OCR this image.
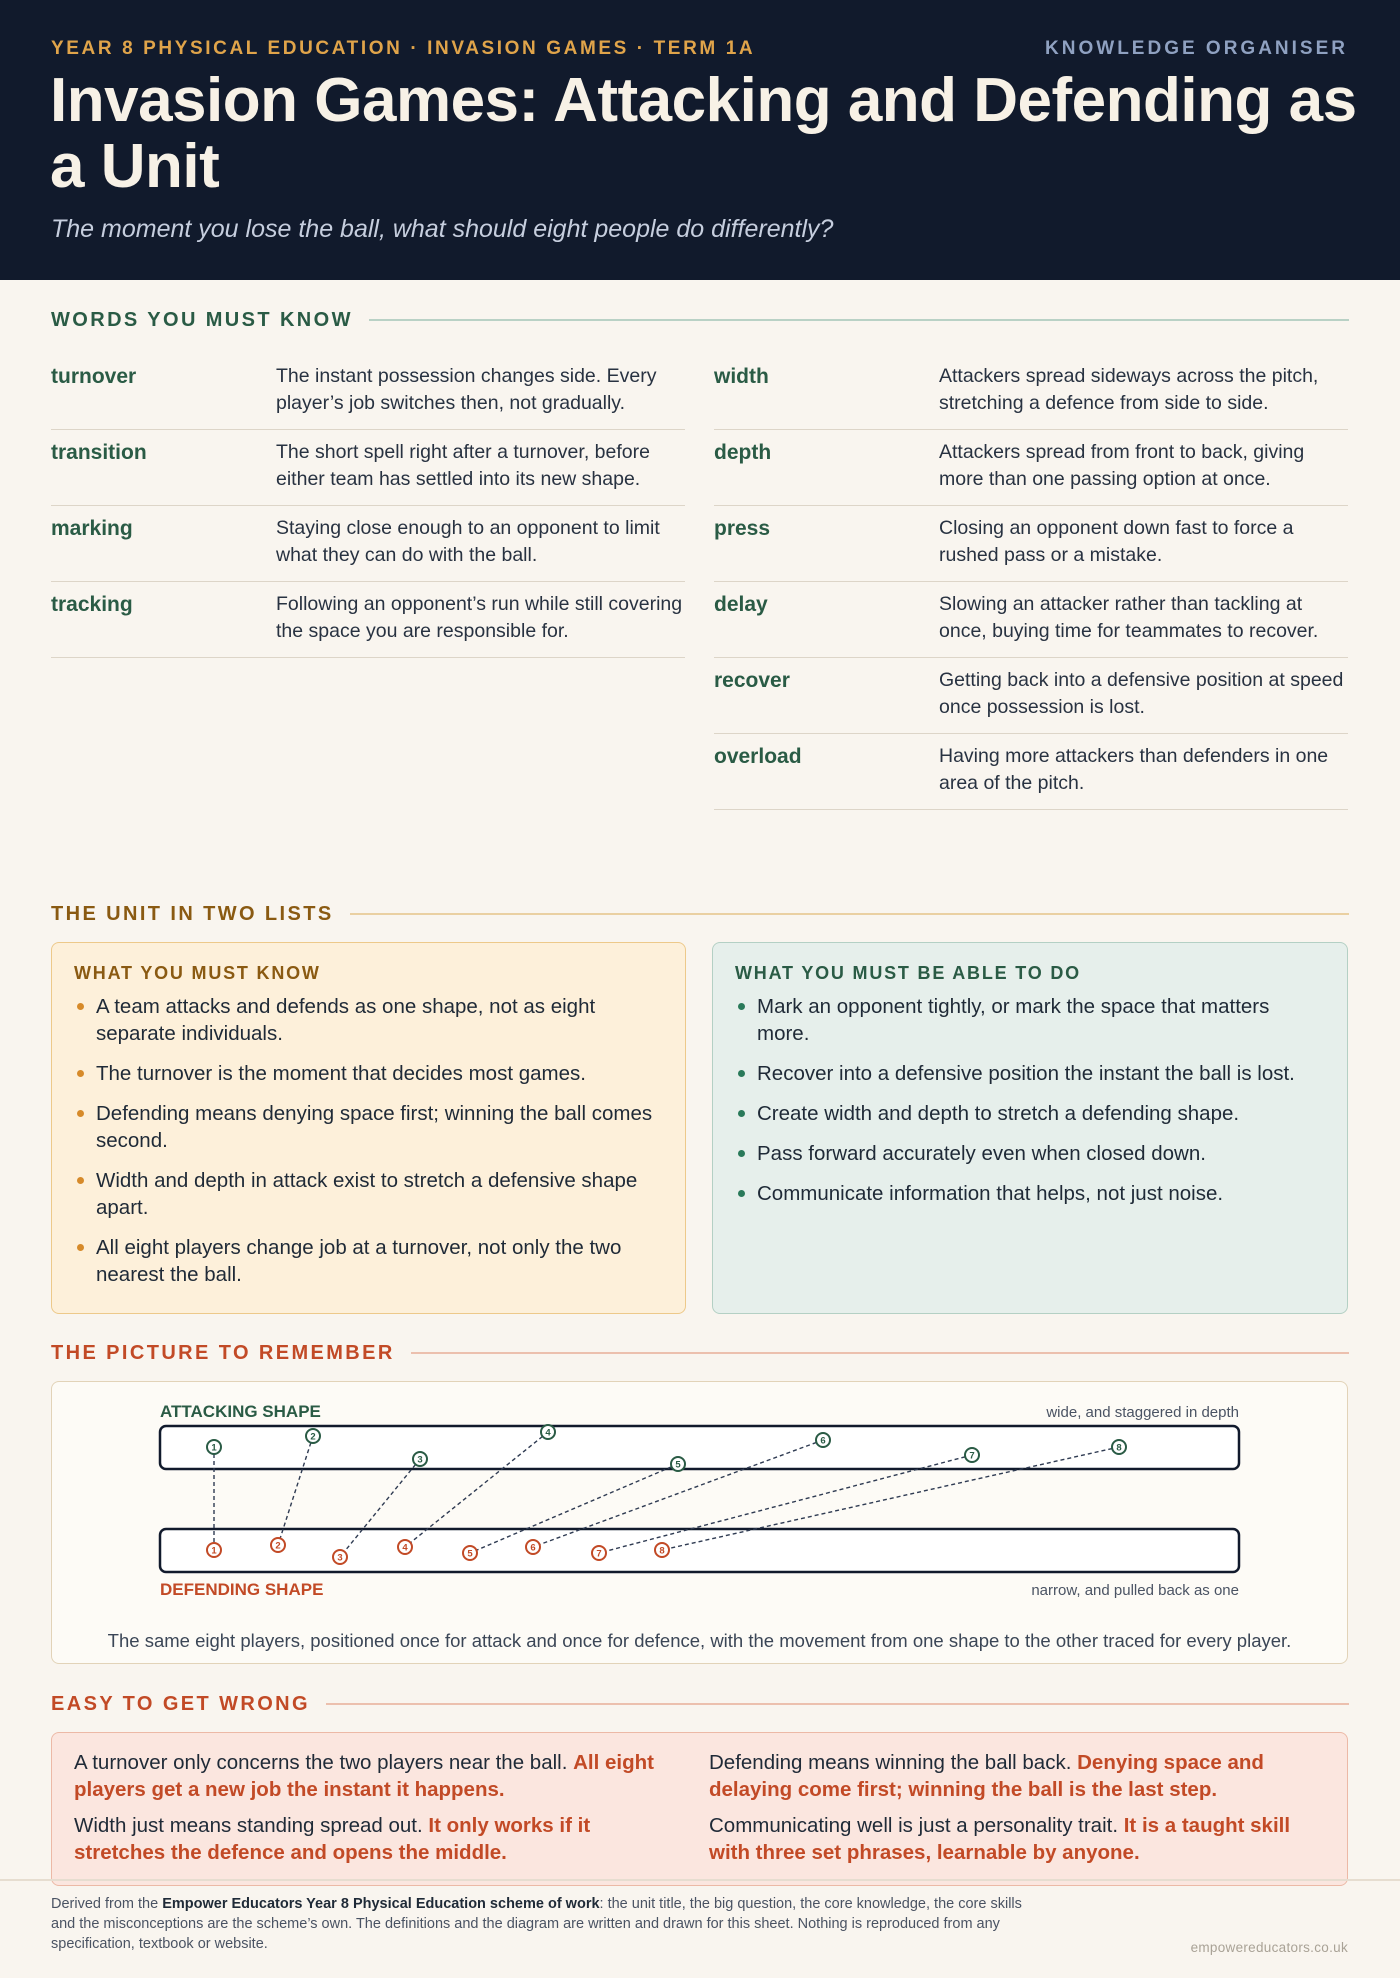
YEAR 8 PHYSICAL EDUCATION · INVASION GAMES · TERM 1A	KNOWLEDGE ORGANISER
Invasion Games: Attacking and Defending as a Unit
The moment you lose the ball, what should eight people do differently?
WORDS YOU MUST KNOW
turnover	The instant possession changes side. Every player’s job switches then, not gradually.
transition	The short spell right after a turnover, before either team has settled into its new shape.
marking	Staying close enough to an opponent to limit what they can do with the ball.
tracking	Following an opponent’s run while still covering the space you are responsible for.
width	Attackers spread sideways across the pitch, stretching a defence from side to side.
depth	Attackers spread from front to back, giving more than one passing option at once.
press	Closing an opponent down fast to force a rushed pass or a mistake.
delay	Slowing an attacker rather than tackling at once, buying time for teammates to recover.
recover	Getting back into a defensive position at speed once possession is lost.
overload	Having more attackers than defenders in one area of the pitch.
THE UNIT IN TWO LISTS
WHAT YOU MUST KNOW
A team attacks and defends as one shape, not as eight separate individuals.
The turnover is the moment that decides most games.
Defending means denying space first; winning the ball comes second.
Width and depth in attack exist to stretch a defensive shape apart.
All eight players change job at a turnover, not only the two nearest the ball.
WHAT YOU MUST BE ABLE TO DO
Mark an opponent tightly, or mark the space that matters more.
Recover into a defensive position the instant the ball is lost.
Create width and depth to stretch a defending shape.
Pass forward accurately even when closed down.
Communicate information that helps, not just noise.
THE PICTURE TO REMEMBER
ATTACKING SHAPE	wide, and staggered in depth
DEFENDING SHAPE	narrow, and pulled back as one
1
1
2
2
3
3
4
4
5
5
6
6
7
7
8
8
The same eight players, positioned once for attack and once for defence, with the movement from one shape to the other traced for every player.
EASY TO GET WRONG
A turnover only concerns the two players near the ball. All eight players get a new job the instant it happens.
Defending means winning the ball back. Denying space and delaying come first; winning the ball is the last step.
Width just means standing spread out. It only works if it stretches the defence and opens the middle.
Communicating well is just a personality trait. It is a taught skill with three set phrases, learnable by anyone.
Derived from the Empower Educators Year 8 Physical Education scheme of work: the unit title, the big question, the core knowledge, the core skills and the misconceptions are the scheme’s own. The definitions and the diagram are written and drawn for this sheet. Nothing is reproduced from any specification, textbook or website.	empowereducators.co.uk
